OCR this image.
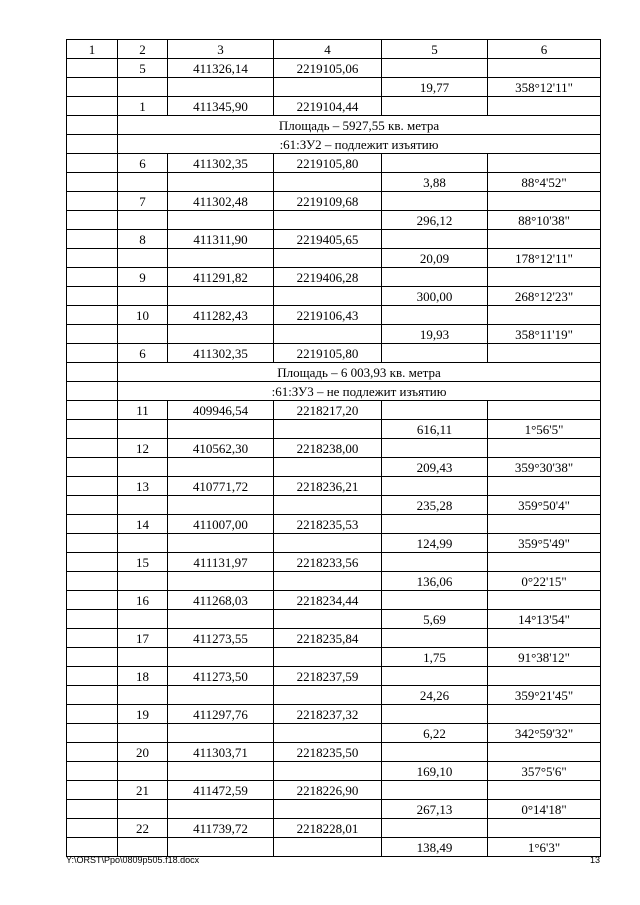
1	2	3	4	5	6
	5	411326,14	2219105,06		
				19,77	358°12'11"
	1	411345,90	2219104,44		
	Площадь – 5927,55 кв. метра				
	:61:ЗУ2 – подлежит изъятию				
	6	411302,35	2219105,80		
				3,88	88°4'52"
	7	411302,48	2219109,68		
				296,12	88°10'38"
	8	411311,90	2219405,65		
				20,09	178°12'11"
	9	411291,82	2219406,28		
				300,00	268°12'23"
	10	411282,43	2219106,43		
				19,93	358°11'19"
	6	411302,35	2219105,80		
	Площадь – 6 003,93 кв. метра				
	:61:ЗУ3 – не подлежит изъятию				
	11	409946,54	2218217,20		
				616,11	1°56'5"
	12	410562,30	2218238,00		
				209,43	359°30'38"
	13	410771,72	2218236,21		
				235,28	359°50'4"
	14	411007,00	2218235,53		
				124,99	359°5'49"
	15	411131,97	2218233,56		
				136,06	0°22'15"
	16	411268,03	2218234,44		
				5,69	14°13'54"
	17	411273,55	2218235,84		
				1,75	91°38'12"
	18	411273,50	2218237,59		
				24,26	359°21'45"
	19	411297,76	2218237,32		
				6,22	342°59'32"
	20	411303,71	2218235,50		
				169,10	357°5'6"
	21	411472,59	2218226,90		
				267,13	0°14'18"
	22	411739,72	2218228,01		
				138,49	1°6'3"
Y:\ORST\Ppo\0809p505.f18.docx	13
